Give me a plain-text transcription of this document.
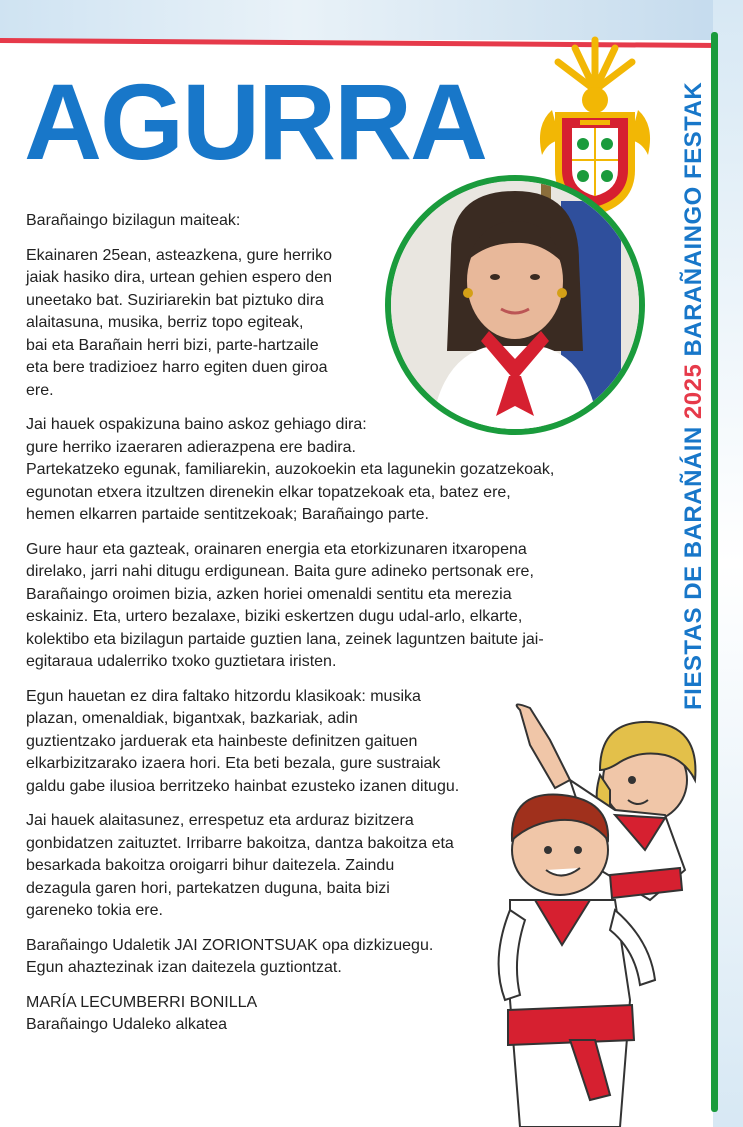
FIESTAS DE BARAÑÁIN 2025 BARAÑAINGO FESTAK
AGURRA

Barañaingo bizilagun maiteak:

Ekainaren 25ean, asteazkena, gure herriko
jaiak hasiko dira, urtean gehien espero den
uneetako bat. Suziriarekin bat piztuko dira
alaitasuna, musika, berriz topo egiteak,
bai eta Barañain herri bizi, parte-hartzaile
eta bere tradizioez harro egiten duen giroa
ere.

Jai hauek ospakizuna baino askoz gehiago dira:
gure herriko izaeraren adierazpena ere badira.
Partekatzeko egunak, familiarekin, auzokoekin eta lagunekin gozatzekoak,
egunotan etxera itzultzen direnekin elkar topatzekoak eta, batez ere,
hemen elkarren partaide sentitzekoak; Barañaingo parte.

Gure haur eta gazteak, orainaren energia eta etorkizunaren itxaropena
direlako, jarri nahi ditugu erdigunean. Baita gure adineko pertsonak ere,
Barañaingo oroimen bizia, azken horiei omenaldi sentitu eta merezia
eskainiz. Eta, urtero bezalaxe, biziki eskertzen dugu udal-arlo, elkarte,
kolektibo eta bizilagun partaide guztien lana, zeinek laguntzen baitute jai-
egitaraua udalerriko txoko guztietara iristen.

Egun hauetan ez dira faltako hitzordu klasikoak: musika
plazan, omenaldiak, bigantxak, bazkariak, adin
guztientzako jarduerak eta hainbeste definitzen gaituen
elkarbizitzarako izaera hori. Eta beti bezala, gure sustraiak
galdu gabe ilusioa berritzeko hainbat ezusteko izanen ditugu.

Jai hauek alaitasunez, errespetuz eta arduraz bizitzera
gonbidatzen zaituztet. Irribarre bakoitza, dantza bakoitza eta
besarkada bakoitza oroigarri bihur daitezela. Zaindu
dezagula garen hori, partekatzen duguna, baita bizi
gareneko tokia ere.

Barañaingo Udaletik JAI ZORIONTSUAK opa dizkizuegu.
Egun ahaztezinak izan daitezela guztiontzat.

MARÍA LECUMBERRI BONILLA

Barañaingo Udaleko alkatea
